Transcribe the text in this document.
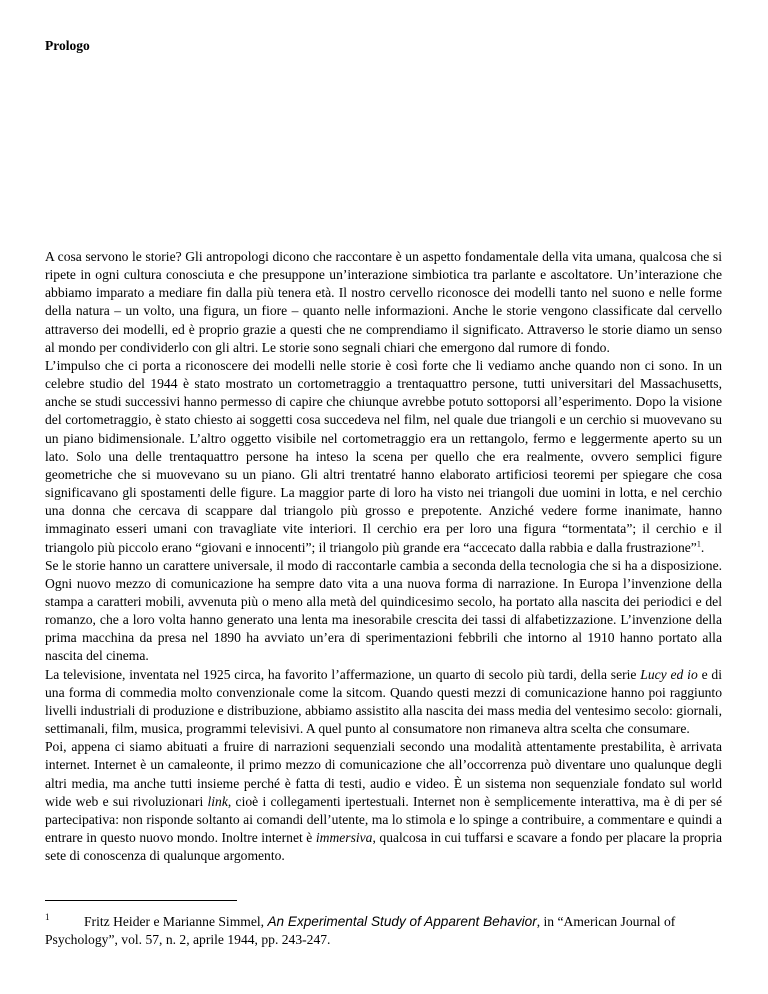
Prologo

A cosa servono le storie? Gli antropologi dicono che raccontare è un aspetto fondamentale della vita umana, qualcosa che si ripete in ogni cultura conosciuta e che presuppone un’interazione simbiotica tra parlante e ascoltatore. Un’interazione che abbiamo imparato a mediare fin dalla più tenera età. Il nostro cervello riconosce dei modelli tanto nel suono e nelle forme della natura – un volto, una figura, un fiore – quanto nelle informazioni. Anche le storie vengono classificate dal cervello attraverso dei modelli, ed è proprio grazie a questi che ne comprendiamo il significato. Attraverso le storie diamo un senso al mondo per condividerlo con gli altri. Le storie sono segnali chiari che emergono dal rumore di fondo.

L’impulso che ci porta a riconoscere dei modelli nelle storie è così forte che li vediamo anche quando non ci sono. In un celebre studio del 1944 è stato mostrato un cortometraggio a trentaquattro persone, tutti universitari del Massachusetts, anche se studi successivi hanno permesso di capire che chiunque avrebbe potuto sottoporsi all’esperimento. Dopo la visione del cortometraggio, è stato chiesto ai soggetti cosa succedeva nel film, nel quale due triangoli e un cerchio si muovevano su un piano bidimensionale. L’altro oggetto visibile nel cortometraggio era un rettangolo, fermo e leggermente aperto su un lato. Solo una delle trentaquattro persone ha inteso la scena per quello che era realmente, ovvero semplici figure geometriche che si muovevano su un piano. Gli altri trentatré hanno elaborato artificiosi teoremi per spiegare che cosa significavano gli spostamenti delle figure. La maggior parte di loro ha visto nei triangoli due uomini in lotta, e nel cerchio una donna che cercava di scappare dal triangolo più grosso e prepotente. Anziché vedere forme inanimate, hanno immaginato esseri umani con travagliate vite interiori. Il cerchio era per loro una figura “tormentata”; il cerchio e il triangolo più piccolo erano “giovani e innocenti”; il triangolo più grande era “accecato dalla rabbia e dalla frustrazione”$^1$.

Se le storie hanno un carattere universale, il modo di raccontarle cambia a seconda della tecnologia che si ha a disposizione. Ogni nuovo mezzo di comunicazione ha sempre dato vita a una nuova forma di narrazione. In Europa l’invenzione della stampa a caratteri mobili, avvenuta più o meno alla metà del quindicesimo secolo, ha portato alla nascita dei periodici e del romanzo, che a loro volta hanno generato una lenta ma inesorabile crescita dei tassi di alfabetizzazione. L’invenzione della prima macchina da presa nel 1890 ha avviato un’era di sperimentazioni febbrili che intorno al 1910 hanno portato alla nascita del cinema.

La televisione, inventata nel 1925 circa, ha favorito l’affermazione, un quarto di secolo più tardi, della serie Lucy ed io e di una forma di commedia molto convenzionale come la sitcom. Quando questi mezzi di comunicazione hanno poi raggiunto livelli industriali di produzione e distribuzione, abbiamo assistito alla nascita dei mass media del ventesimo secolo: giornali, settimanali, film, musica, programmi televisivi. A quel punto al consumatore non rimaneva altra scelta che consumare.

Poi, appena ci siamo abituati a fruire di narrazioni sequenziali secondo una modalità attentamente prestabilita, è arrivata internet. Internet è un camaleonte, il primo mezzo di comunicazione che all’occorrenza può diventare uno qualunque degli altri media, ma anche tutti insieme perché è fatta di testi, audio e video. È un sistema non sequenziale fondato sul world wide web e sui rivoluzionari link, cioè i collegamenti ipertestuali. Internet non è semplicemente interattiva, ma è di per sé partecipativa: non risponde soltanto ai comandi dell’utente, ma lo stimola e lo spinge a contribuire, a commentare e quindi a entrare in questo nuovo mondo. Inoltre internet è immersiva, qualcosa in cui tuffarsi e scavare a fondo per placare la propria sete di conoscenza di qualunque argomento.

1	Fritz Heider e Marianne Simmel, An Experimental Study of Apparent Behavior, in “American Journal of Psychology”, vol. 57, n. 2, aprile 1944, pp. 243-247.
